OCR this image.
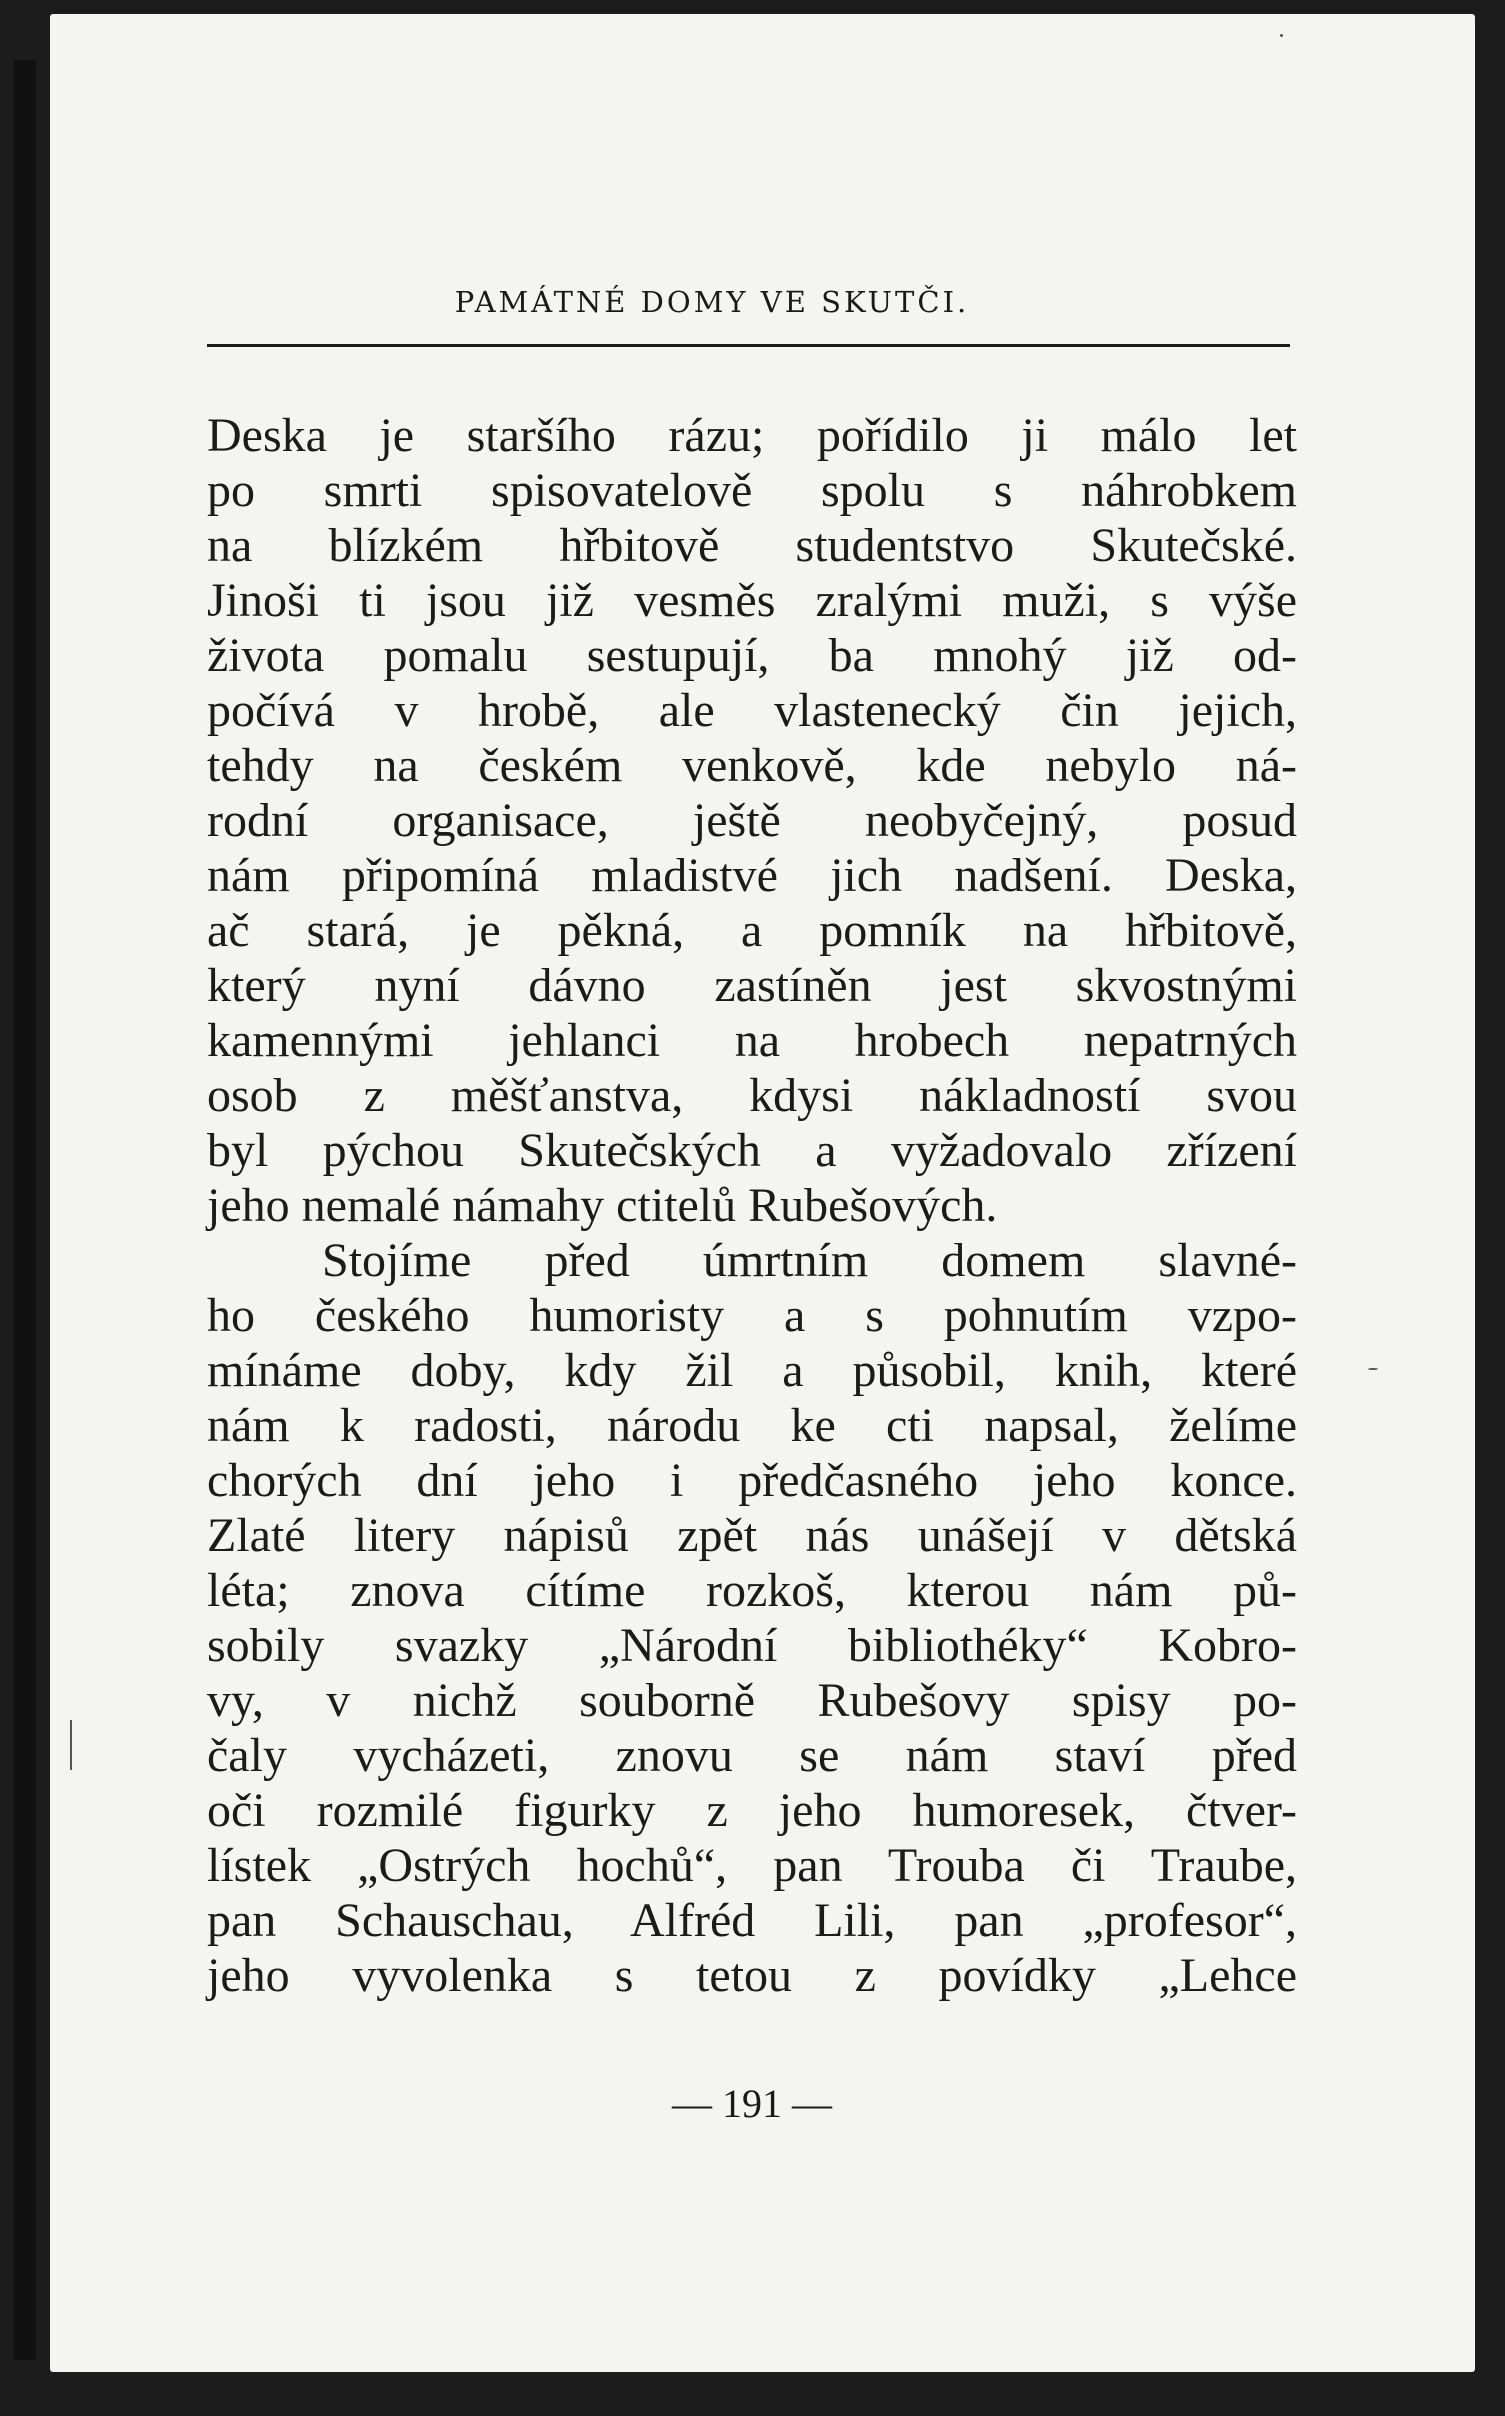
PAMÁTNÉ DOMY VE SKUTČI.
Deska je staršího rázu; pořídilo ji málo let
po smrti spisovatelově spolu s náhrobkem
na blízkém hřbitově studentstvo Skutečské.
Jinoši ti jsou již vesměs zralými muži, s výše
života pomalu sestupují, ba mnohý již od-
počívá v hrobě, ale vlastenecký čin jejich,
tehdy na českém venkově, kde nebylo ná-
rodní organisace, ještě neobyčejný, posud
nám připomíná mladistvé jich nadšení. Deska,
ač stará, je pěkná, a pomník na hřbitově,
který nyní dávno zastíněn jest skvostnými
kamennými jehlanci na hrobech nepatrných
osob z měšťanstva, kdysi nákladností svou
byl pýchou Skutečských a vyžadovalo zřízení
jeho nemalé námahy ctitelů Rubešových.
Stojíme před úmrtním domem slavné-
ho českého humoristy a s pohnutím vzpo-
mínáme doby, kdy žil a působil, knih, které
nám k radosti, národu ke cti napsal, želíme
chorých dní jeho i předčasného jeho konce.
Zlaté litery nápisů zpět nás unášejí v dětská
léta; znova cítíme rozkoš, kterou nám pů-
sobily svazky „Národní bibliothéky“ Kobro-
vy, v nichž souborně Rubešovy spisy po-
čaly vycházeti, znovu se nám staví před
oči rozmilé figurky z jeho humoresek, čtver-
lístek „Ostrých hochů“, pan Trouba či Traube,
pan Schauschau, Alfréd Lili, pan „profesor“,
jeho vyvolenka s tetou z povídky „Lehce
— 191 —
